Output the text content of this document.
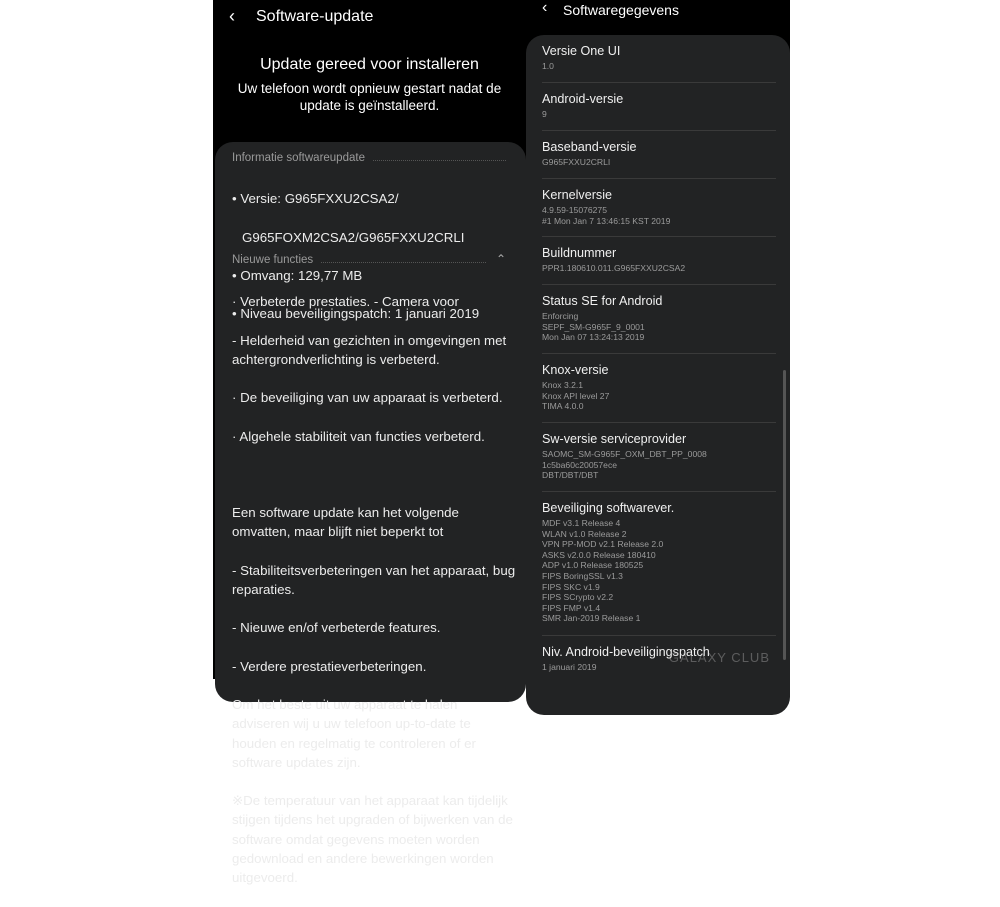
‹ Software-update
Update gereed voor installeren
Uw telefoon wordt opnieuw gestart nadat de update is geïnstalleerd.
Informatie softwareupdate

• Versie: G965FXXU2CSA2/

G965FOXM2CSA2/G965FXXU2CRLI

• Omvang: 129,77 MB

• Niveau beveiligingspatch: 1 januari 2019

Nieuwe functies	⌃

· Verbeterde prestaties. - Camera voor

- Helderheid van gezichten in omgevingen met achtergrondverlichting is verbeterd.

· De beveiliging van uw apparaat is verbeterd.

· Algehele stabiliteit van functies verbeterd.

Een software update kan het volgende omvatten, maar blijft niet beperkt tot

- Stabiliteitsverbeteringen van het apparaat, bug reparaties.

- Nieuwe en/of verbeterde features.

- Verdere prestatieverbeteringen.

Om het beste uit uw apparaat te halen adviseren wij u uw telefoon up-to-date te houden en regelmatig te controleren of er software updates zijn.

※De temperatuur van het apparaat kan tijdelijk stijgen tijdens het upgraden of bijwerken van de software omdat gegevens moeten worden gedownload en andere bewerkingen worden uitgevoerd.

‹ Softwaregegevens
Versie One UI
1.0
Android-versie
9
Baseband-versie
G965FXXU2CRLI
Kernelversie
4.9.59-15076275
#1 Mon Jan 7 13:46:15 KST 2019
Buildnummer
PPR1.180610.011.G965FXXU2CSA2
Status SE for Android
Enforcing
SEPF_SM-G965F_9_0001
Mon Jan 07 13:24:13 2019
Knox-versie
Knox 3.2.1
Knox API level 27
TIMA 4.0.0
Sw-versie serviceprovider
SAOMC_SM-G965F_OXM_DBT_PP_0008
1c5ba60c20057ece
DBT/DBT/DBT
Beveiliging softwarever.
MDF v3.1 Release 4
WLAN v1.0 Release 2
VPN PP-MOD v2.1 Release 2.0
ASKS v2.0.0 Release 180410
ADP v1.0 Release 180525
FIPS BoringSSL v1.3
FIPS SKC v1.9
FIPS SCrypto v2.2
FIPS FMP v1.4
SMR Jan-2019 Release 1
Niv. Android-beveiligingspatch
1 januari 2019
GALAXY CLUB
